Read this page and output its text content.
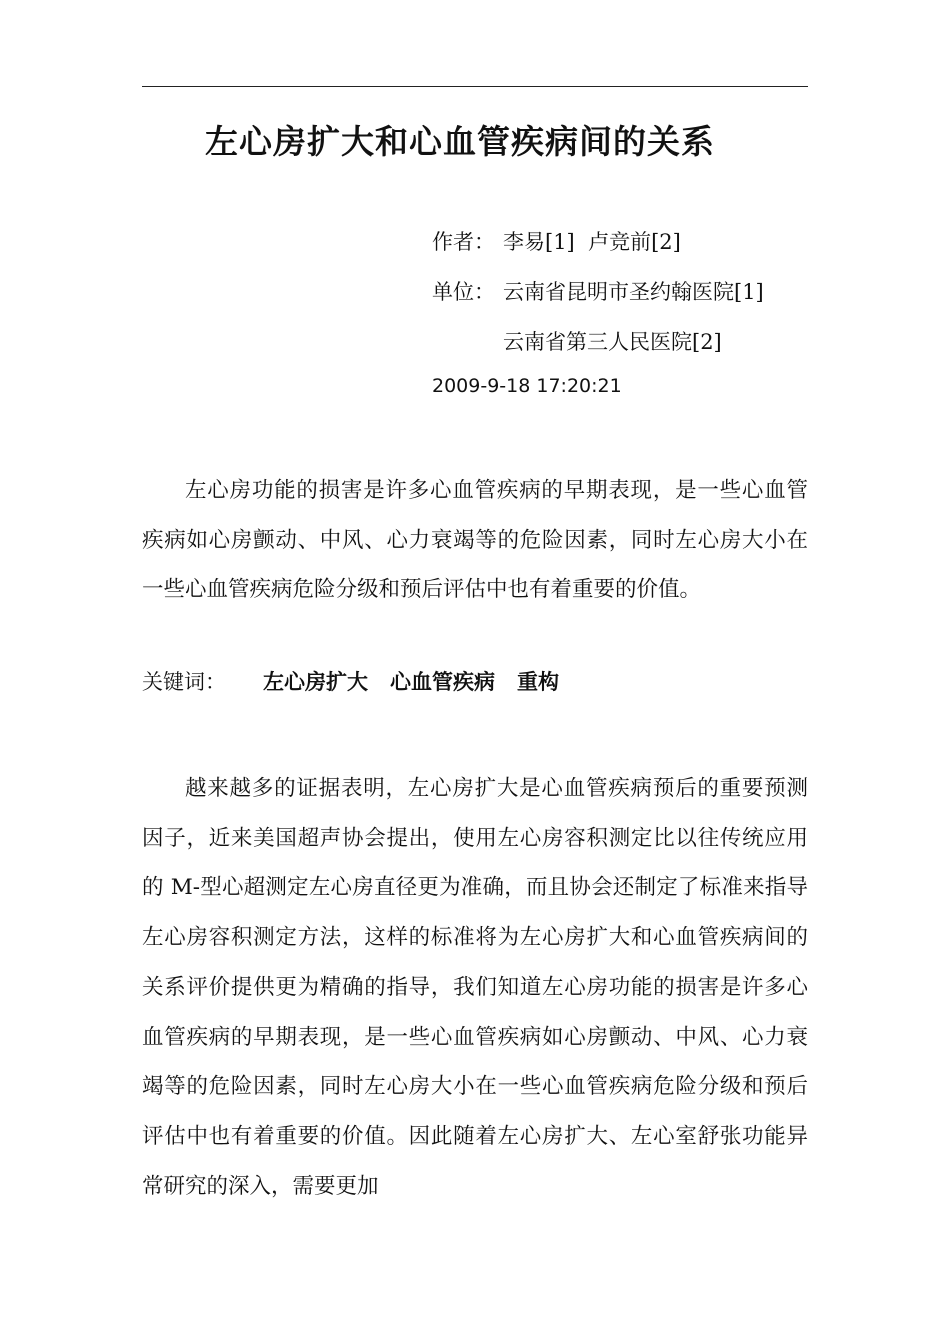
左心房扩大和心血管疾病间的关系
作者： 李易[1]  卢竞前[2]
单位： 云南省昆明市圣约翰医院[1]
云南省第三人民医院[2]
2009-9-18 17:20:21

左心房功能的损害是许多心血管疾病的早期表现，是一些心血管疾病如心房颤动、中风、心力衰竭等的危险因素，同时左心房大小在一些心血管疾病危险分级和预后评估中也有着重要的价值。

关键词： 左心房扩大 心血管疾病 重构

越来越多的证据表明，左心房扩大是心血管疾病预后的重要预测因子，近来美国超声协会提出，使用左心房容积测定比以往传统应用的 M-型心超测定左心房直径更为准确，而且协会还制定了标准来指导左心房容积测定方法，这样的标准将为左心房扩大和心血管疾病间的关系评价提供更为精确的指导，我们知道左心房功能的损害是许多心血管疾病的早期表现，是一些心血管疾病如心房颤动、中风、心力衰竭等的危险因素，同时左心房大小在一些心血管疾病危险分级和预后评估中也有着重要的价值。因此随着左心房扩大、左心室舒张功能异常研究的深入，需要更加
